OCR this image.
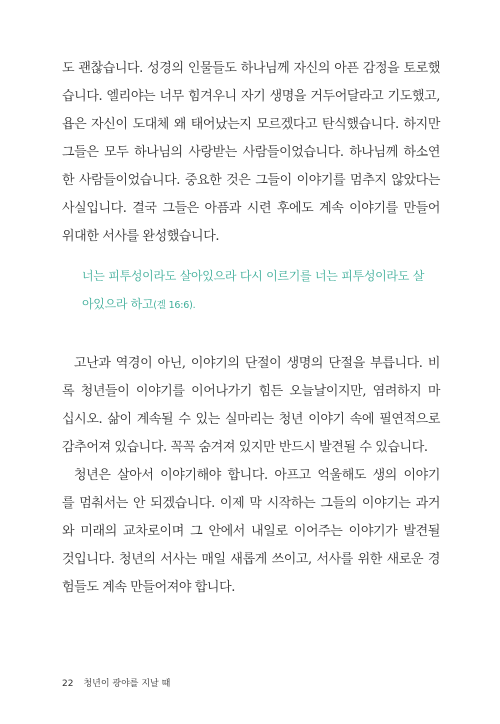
도 괜찮습니다. 성경의 인물들도 하나님께 자신의 아픈 감정을 토로했
습니다. 엘리야는 너무 힘겨우니 자기 생명을 거두어달라고 기도했고,
욥은 자신이 도대체 왜 태어났는지 모르겠다고 탄식했습니다. 하지만
그들은 모두 하나님의 사랑받는 사람들이었습니다. 하나님께 하소연
한 사람들이었습니다. 중요한 것은 그들이 이야기를 멈추지 않았다는
사실입니다. 결국 그들은 아픔과 시련 후에도 계속 이야기를 만들어
위대한 서사를 완성했습니다.
너는 피투성이라도 살아있으라 다시 이르기를 너는 피투성이라도 살
아있으라 하고(겔 16:6).
고난과 역경이 아닌, 이야기의 단절이 생명의 단절을 부릅니다. 비
록 청년들이 이야기를 이어나가기 힘든 오늘날이지만, 염려하지 마
십시오. 삶이 계속될 수 있는 실마리는 청년 이야기 속에 필연적으로
감추어져 있습니다. 꼭꼭 숨겨져 있지만 반드시 발견될 수 있습니다.
청년은 살아서 이야기해야 합니다. 아프고 억울해도 생의 이야기
를 멈춰서는 안 되겠습니다. 이제 막 시작하는 그들의 이야기는 과거
와 미래의 교차로이며 그 안에서 내일로 이어주는 이야기가 발견될
것입니다. 청년의 서사는 매일 새롭게 쓰이고, 서사를 위한 새로운 경
험들도 계속 만들어져야 합니다.
22 청년이 광야를 지날 때
